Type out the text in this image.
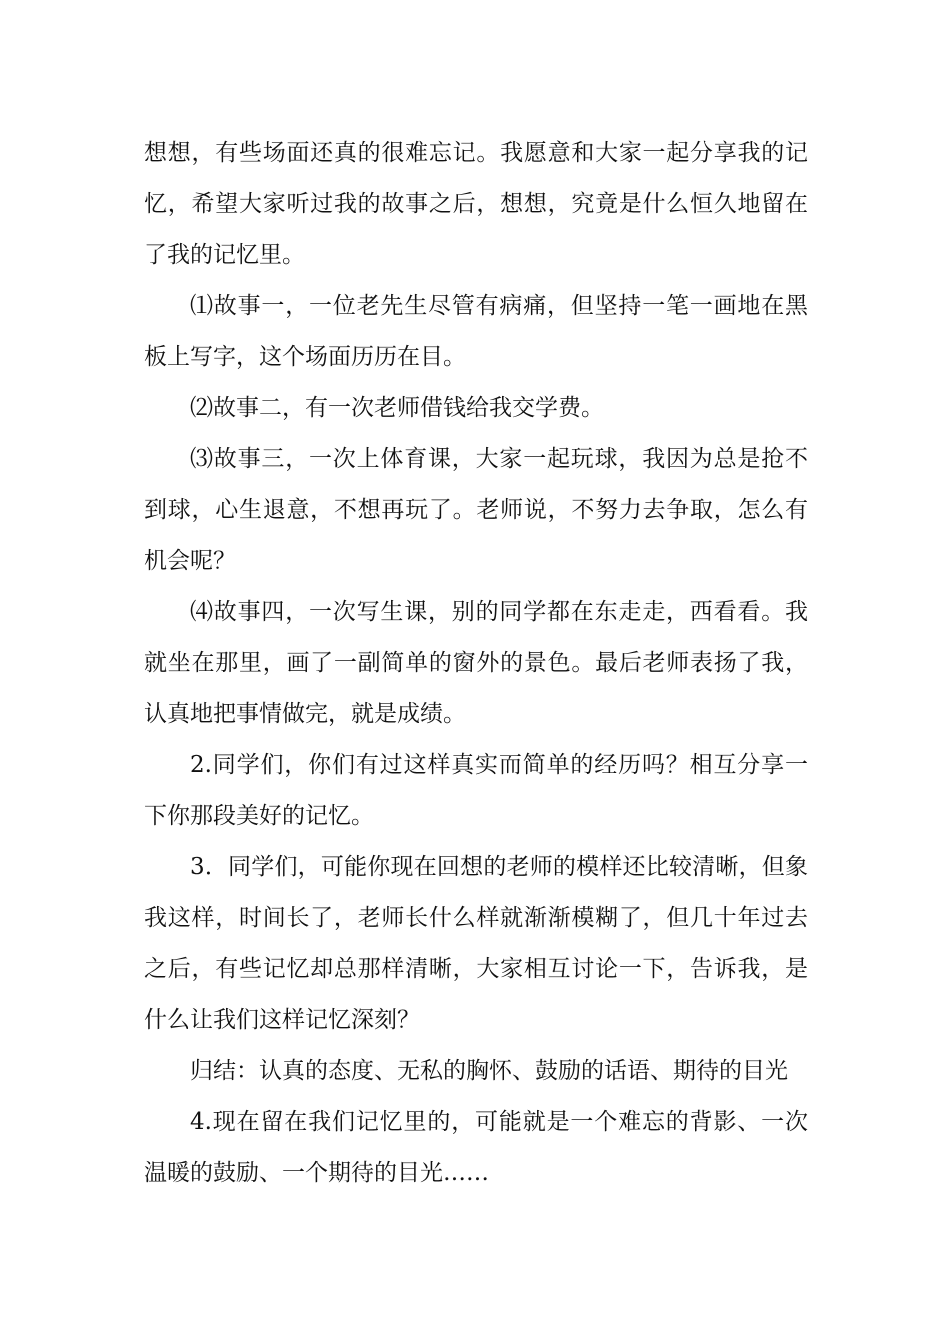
想想，有些场面还真的很难忘记。我愿意和大家一起分享我的记忆，希望大家听过我的故事之后，想想，究竟是什么恒久地留在了我的记忆里。

⑴故事一，一位老先生尽管有病痛，但坚持一笔一画地在黑板上写字，这个场面历历在目。

⑵故事二，有一次老师借钱给我交学费。

⑶故事三，一次上体育课，大家一起玩球，我因为总是抢不到球，心生退意，不想再玩了。老师说，不努力去争取，怎么有机会呢？

⑷故事四，一次写生课，别的同学都在东走走，西看看。我就坐在那里，画了一副简单的窗外的景色。最后老师表扬了我，认真地把事情做完，就是成绩。

2.同学们，你们有过这样真实而简单的经历吗？相互分享一下你那段美好的记忆。

3．同学们，可能你现在回想的老师的模样还比较清晰，但象我这样，时间长了，老师长什么样就渐渐模糊了，但几十年过去之后，有些记忆却总那样清晰，大家相互讨论一下，告诉我，是什么让我们这样记忆深刻？

归结：认真的态度、无私的胸怀、鼓励的话语、期待的目光

4.现在留在我们记忆里的，可能就是一个难忘的背影、一次温暖的鼓励、一个期待的目光……
